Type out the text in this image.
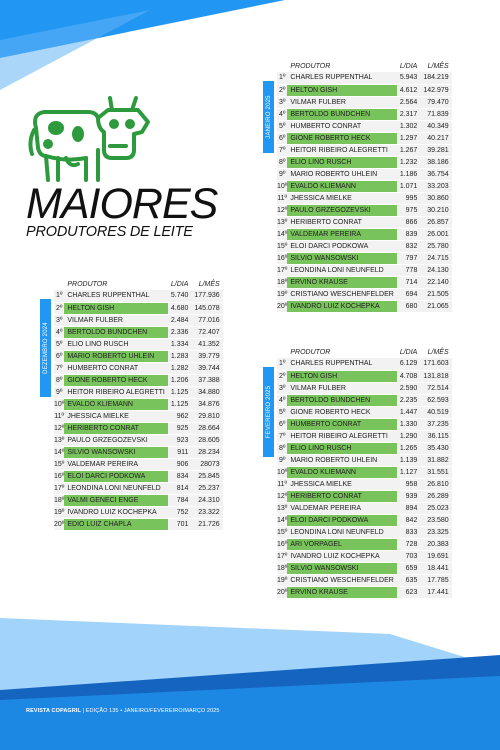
MAIORES
PRODUTORES DE LEITE
DEZEMBRO 2024
	PRODUTOR	L/DIA	L/MÊS
1º	CHARLES RUPPENTHAL	5.740	177.936
2º	HELTON GISH	4.680	145.078
3º	VILMAR FULBER	2.484	77.016
4º	BERTOLDO BUNDCHEN	2.336	72.407
5º	ELIO LINO RUSCH	1.334	41.352
6º	MARIO ROBERTO UHLEIN	1.283	39.779
7º	HUMBERTO CONRAT	1.282	39.744
8º	GIONE ROBERTO HECK	1.206	37.388
9º	HEITOR RIBEIRO ALEGRETTI	1.125	34.880
10º	EVALDO KLIEMANN	1.125	34.876
11º	JHESSICA MIELKE	962	29.810
12º	HERIBERTO CONRAT	925	28.664
13º	PAULO GRZEGOZEVSKI	923	28.605
14º	SILVIO WANSOWSKI	911	28.234
15º	VALDEMAR PEREIRA	906	28073
16º	ELOI DARCI PODKOWA	834	25.845
17º	LEONDINA LONI NEUNFELD	814	25.237
18º	VALMI GENECI ENGE	784	24.310
19º	IVANDRO LUIZ KOCHEPKA	752	23.322
20º	EDIO LUIZ CHAPLA	701	21.726
JANEIRO 2025
	PRODUTOR	L/DIA	L/MÊS
1º	CHARLES RUPPENTHAL	5.943	184.219
2º	HELTON GISH	4.612	142.979
3º	VILMAR FULBER	2.564	79.470
4º	BERTOLDO BUNDCHEN	2.317	71.839
5º	HUMBERTO CONRAT	1.302	40.349
6º	GIONE ROBERTO HECK	1.297	40.217
7º	HEITOR RIBEIRO ALEGRETTI	1.267	39.281
8º	ELIO LINO RUSCH	1.232	38.186
9º	MARIO ROBERTO UHLEIN	1.186	36.754
10º	EVALDO KLIEMANN	1.071	33.203
11º	JHESSICA MIELKE	995	30.860
12º	PAULO GRZEGOZEVSKI	975	30.210
13º	HERIBERTO CONRAT	866	26.857
14º	VALDEMAR PEREIRA	839	26.001
15º	ELOI DARCI PODKOWA	832	25.780
16º	SILVIO WANSOWSKI	797	24.715
17º	LEONDINA LONI NEUNFELD	778	24.130
18º	ERVINO KRAUSE	714	22.140
19º	CRISTIANO WESCHENFELDER	694	21.505
20º	IVANDRO LUIZ KOCHEPKA	680	21.065
FEVEREIRO 2025
	PRODUTOR	L/DIA	L/MÊS
1º	CHARLES RUPPENTHAL	6.129	171.603
2º	HELTON GISH	4.708	131.818
3º	VILMAR FULBER	2.590	72.514
4º	BERTOLDO BUNDCHEN	2.235	62.593
5º	GIONE ROBERTO HECK	1.447	40.519
6º	HUMBERTO CONRAT	1.330	37.235
7º	HEITOR RIBEIRO ALEGRETTI	1.290	36.115
8º	ELIO LINO RUSCH	1.265	35.430
9º	MARIO ROBERTO UHLEIN	1.139	31.882
10º	EVALDO KLIEMANN	1.127	31.551
11º	JHESSICA MIELKE	958	26.810
12º	HERIBERTO CONRAT	939	26.289
13º	VALDEMAR PEREIRA	894	25.023
14º	ELOI DARCI PODKOWA	842	23.580
15º	LEONDINA LONI NEUNFELD	833	23.325
16º	ARI VORPAGEL	728	20.383
17º	IVANDRO LUIZ KOCHEPKA	703	19.691
18º	SILVIO WANSOWSKI	659	18.441
19º	CRISTIANO WESCHENFELDER	635	17.785
20º	ERVINO KRAUSE	623	17.441
REVISTA COPAGRIL | EDIÇÃO 135 • JANEIRO/FEVEREIRO/MARÇO 2025
